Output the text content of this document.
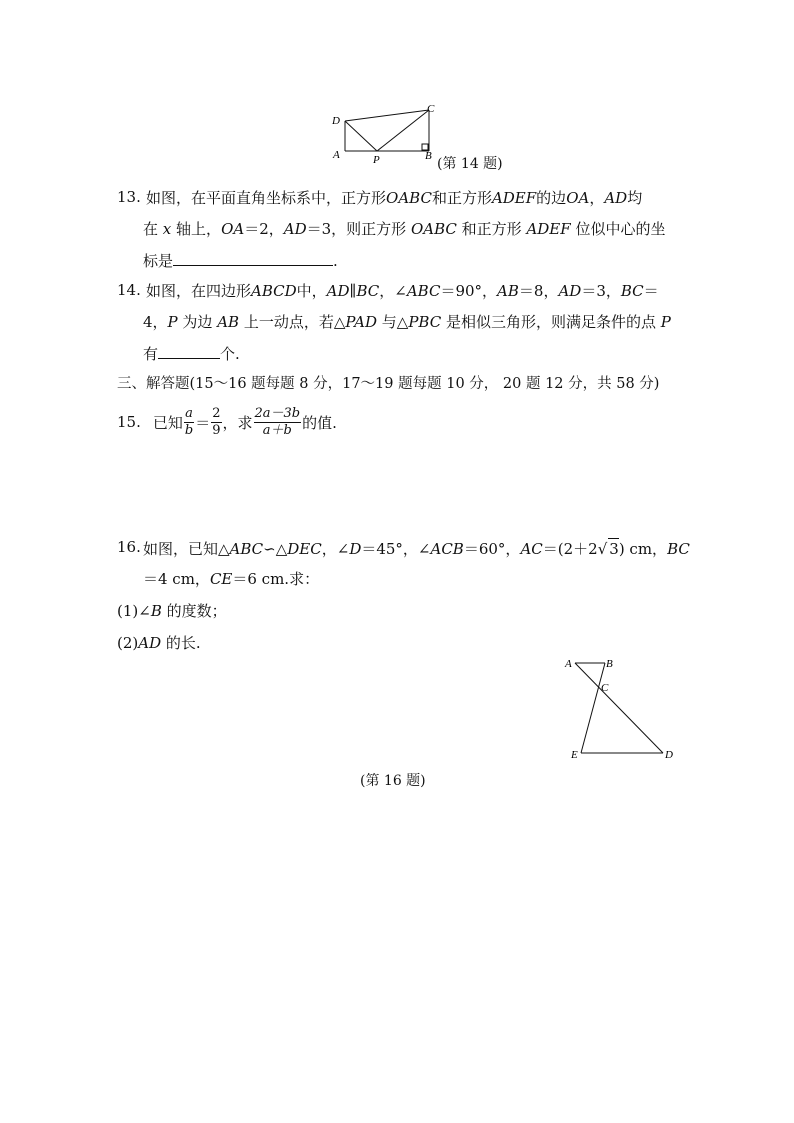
D
C
A	P	B (第 14 题)
13. 如图，在平面直角坐标系中，正方形OABC和正方形ADEF的边OA，AD均
在 x 轴上，OA＝2，AD＝3，则正方形 OABC 和正方形 ADEF 位似中心的坐
标是	.
14. 如图，在四边形ABCD中，AD∥BC，∠ABC＝90°，AB＝8，AD＝3，BC＝
4，P 为边 AB 上一动点，若△PAD 与△PBC 是相似三角形，则满足条件的点 P
有	个.
三、解答题(15～16 题每题 8 分，17～19 题每题 10 分， 20 题 12 分，共 58 分)
15. 已知 $\frac{a}{b} = \frac{2}{9}$ ，求 $\frac{2a-3b}{a+b}$ 的值.
16. 如图，已知△ABC∽△DEC，∠D＝45°，∠ACB＝60°，AC＝(2＋2√ 3) cm，BC
＝4 cm，CE＝6 cm.求：
(1)∠B 的度数；
(2)AD 的长.
A	B
C
E	D
(第 16 题)
